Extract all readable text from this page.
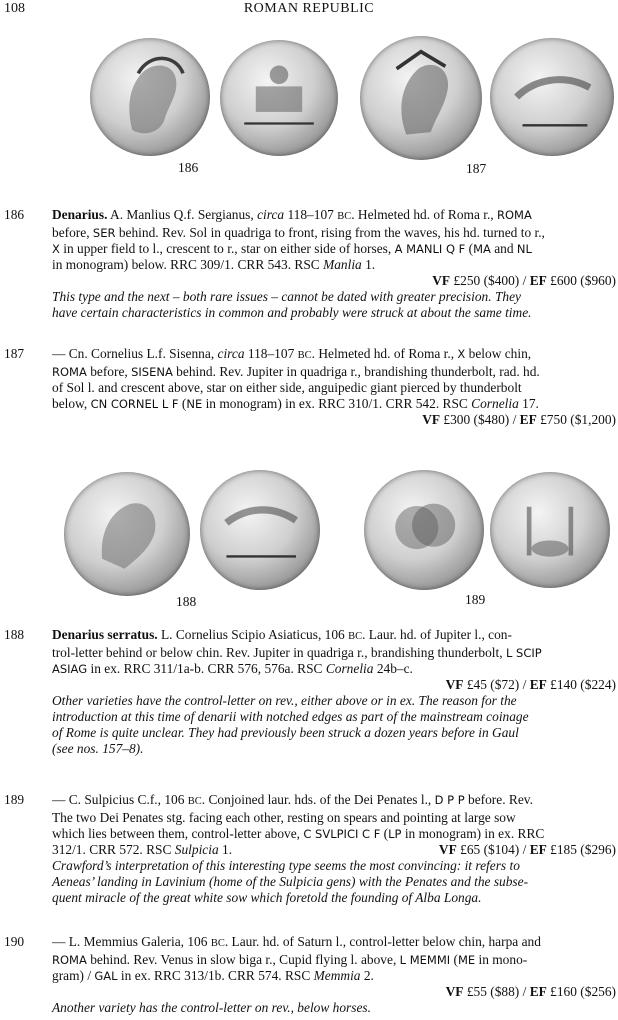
108	ROMAN REPUBLIC
186	187
188	189
186 Denarius. A. Manlius Q.f. Sergianus, circa 118–107 BC. Helmeted hd. of Roma r., ROMA
before, SER behind. Rev. Sol in quadriga to front, rising from the waves, his hd. turned to r.,
X in upper field to l., crescent to r., star on either side of horses, A MANLI Q F (MA and NL
in monogram) below. RRC 309/1. CRR 543. RSC Manlia 1.
VF £250 ($400) / EF £600 ($960)
This type and the next – both rare issues – cannot be dated with greater precision. They
have certain characteristics in common and probably were struck at about the same time.
187 — Cn. Cornelius L.f. Sisenna, circa 118–107 BC. Helmeted hd. of Roma r., X below chin,
ROMA before, SISENA behind. Rev. Jupiter in quadriga r., brandishing thunderbolt, rad. hd.
of Sol l. and crescent above, star on either side, anguipedic giant pierced by thunderbolt
below, CN CORNEL L F (NE in monogram) in ex. RRC 310/1. CRR 542. RSC Cornelia 17.
VF £300 ($480) / EF £750 ($1,200)
188 Denarius serratus. L. Cornelius Scipio Asiaticus, 106 BC. Laur. hd. of Jupiter l., con-
trol-letter behind or below chin. Rev. Jupiter in quadriga r., brandishing thunderbolt, L SCIP
ASIAG in ex. RRC 311/1a-b. CRR 576, 576a. RSC Cornelia 24b–c.
VF £45 ($72) / EF £140 ($224)
Other varieties have the control-letter on rev., either above or in ex. The reason for the
introduction at this time of denarii with notched edges as part of the mainstream coinage
of Rome is quite unclear. They had previously been struck a dozen years before in Gaul
(see nos. 157–8).
189 — C. Sulpicius C.f., 106 BC. Conjoined laur. hds. of the Dei Penates l., D P P before. Rev.
The two Dei Penates stg. facing each other, resting on spears and pointing at large sow
which lies between them, control-letter above, C SVLPICI C F (LP in monogram) in ex. RRC
312/1. CRR 572. RSC Sulpicia 1.	VF £65 ($104) / EF £185 ($296)
Crawford’s interpretation of this interesting type seems the most convincing: it refers to
Aeneas’ landing in Lavinium (home of the Sulpicia gens) with the Penates and the subse-
quent miracle of the great white sow which foretold the founding of Alba Longa.
190 — L. Memmius Galeria, 106 BC. Laur. hd. of Saturn l., control-letter below chin, harpa and
ROMA behind. Rev. Venus in slow biga r., Cupid flying l. above, L MEMMI (ME in mono-
gram) / GAL in ex. RRC 313/1b. CRR 574. RSC Memmia 2.
VF £55 ($88) / EF £160 ($256)
Another variety has the control-letter on rev., below horses.
